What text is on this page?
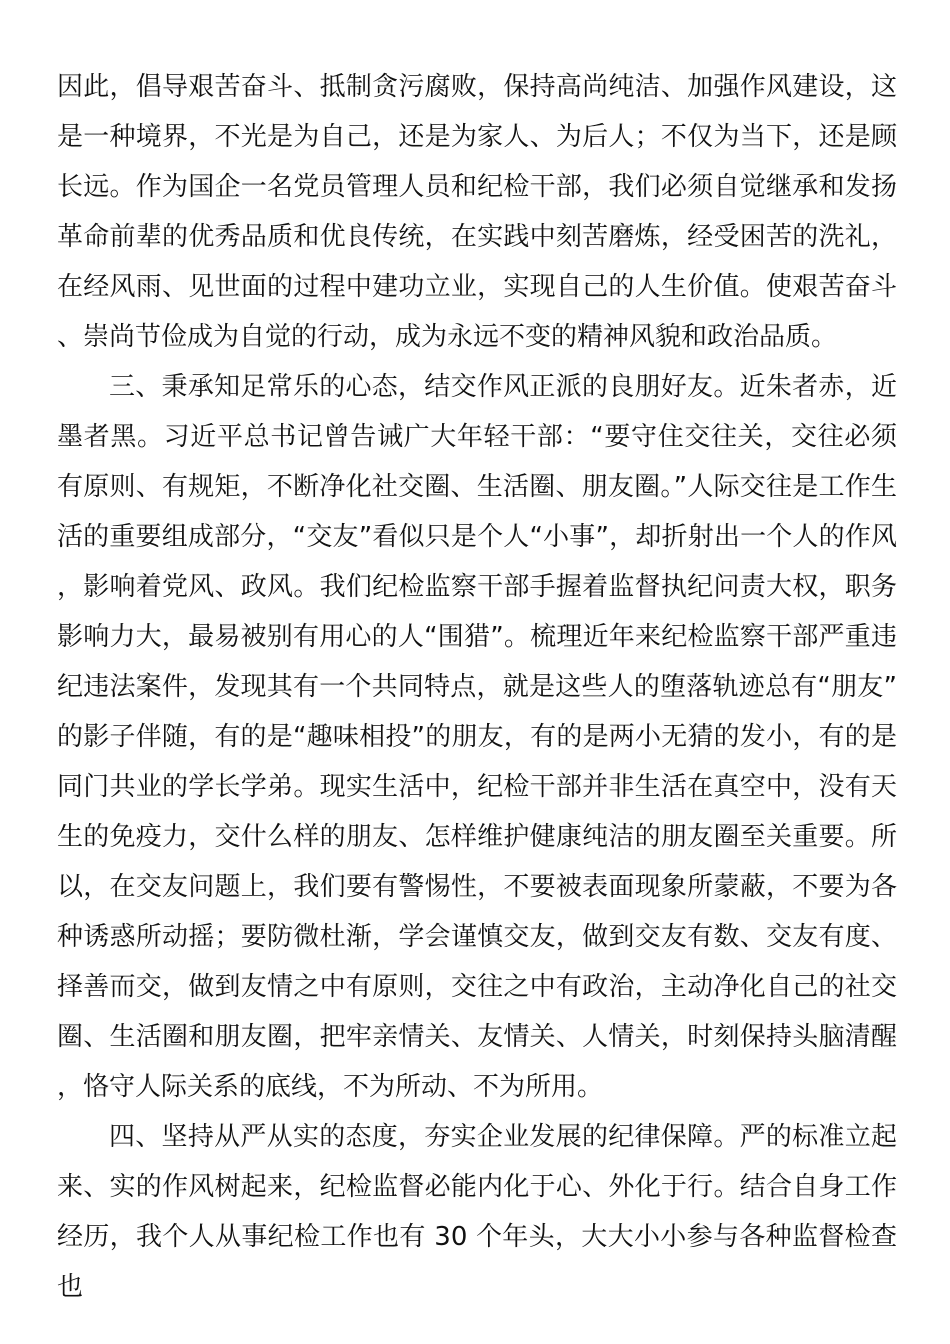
因此，倡导艰苦奋斗、抵制贪污腐败，保持高尚纯洁、加强作风建设，这是一种境界，不光是为自己，还是为家人、为后人；不仅为当下，还是顾长远。作为国企一名党员管理人员和纪检干部，我们必须自觉继承和发扬革命前辈的优秀品质和优良传统，在实践中刻苦磨炼，经受困苦的洗礼，在经风雨、见世面的过程中建功立业，实现自己的人生价值。使艰苦奋斗、崇尚节俭成为自觉的行动，成为永远不变的精神风貌和政治品质。

三、秉承知足常乐的心态，结交作风正派的良朋好友。近朱者赤，近墨者黑。习近平总书记曾告诫广大年轻干部：“要守住交往关，交往必须有原则、有规矩，不断净化社交圈、生活圈、朋友圈。”人际交往是工作生活的重要组成部分，“交友”看似只是个人“小事”，却折射出一个人的作风，影响着党风、政风。我们纪检监察干部手握着监督执纪问责大权，职务影响力大，最易被别有用心的人“围猎”。梳理近年来纪检监察干部严重违纪违法案件，发现其有一个共同特点，就是这些人的堕落轨迹总有“朋友”的影子伴随，有的是“趣味相投”的朋友，有的是两小无猜的发小，有的是同门共业的学长学弟。现实生活中，纪检干部并非生活在真空中，没有天生的免疫力，交什么样的朋友、怎样维护健康纯洁的朋友圈至关重要。所以，在交友问题上，我们要有警惕性，不要被表面现象所蒙蔽，不要为各种诱惑所动摇；要防微杜渐，学会谨慎交友，做到交友有数、交友有度、择善而交，做到友情之中有原则，交往之中有政治，主动净化自己的社交圈、生活圈和朋友圈，把牢亲情关、友情关、人情关，时刻保持头脑清醒，恪守人际关系的底线，不为所动、不为所用。

四、坚持从严从实的态度，夯实企业发展的纪律保障。严的标准立起来、实的作风树起来，纪检监督必能内化于心、外化于行。结合自身工作经历，我个人从事纪检工作也有 30 个年头，大大小小参与各种监督检查也
